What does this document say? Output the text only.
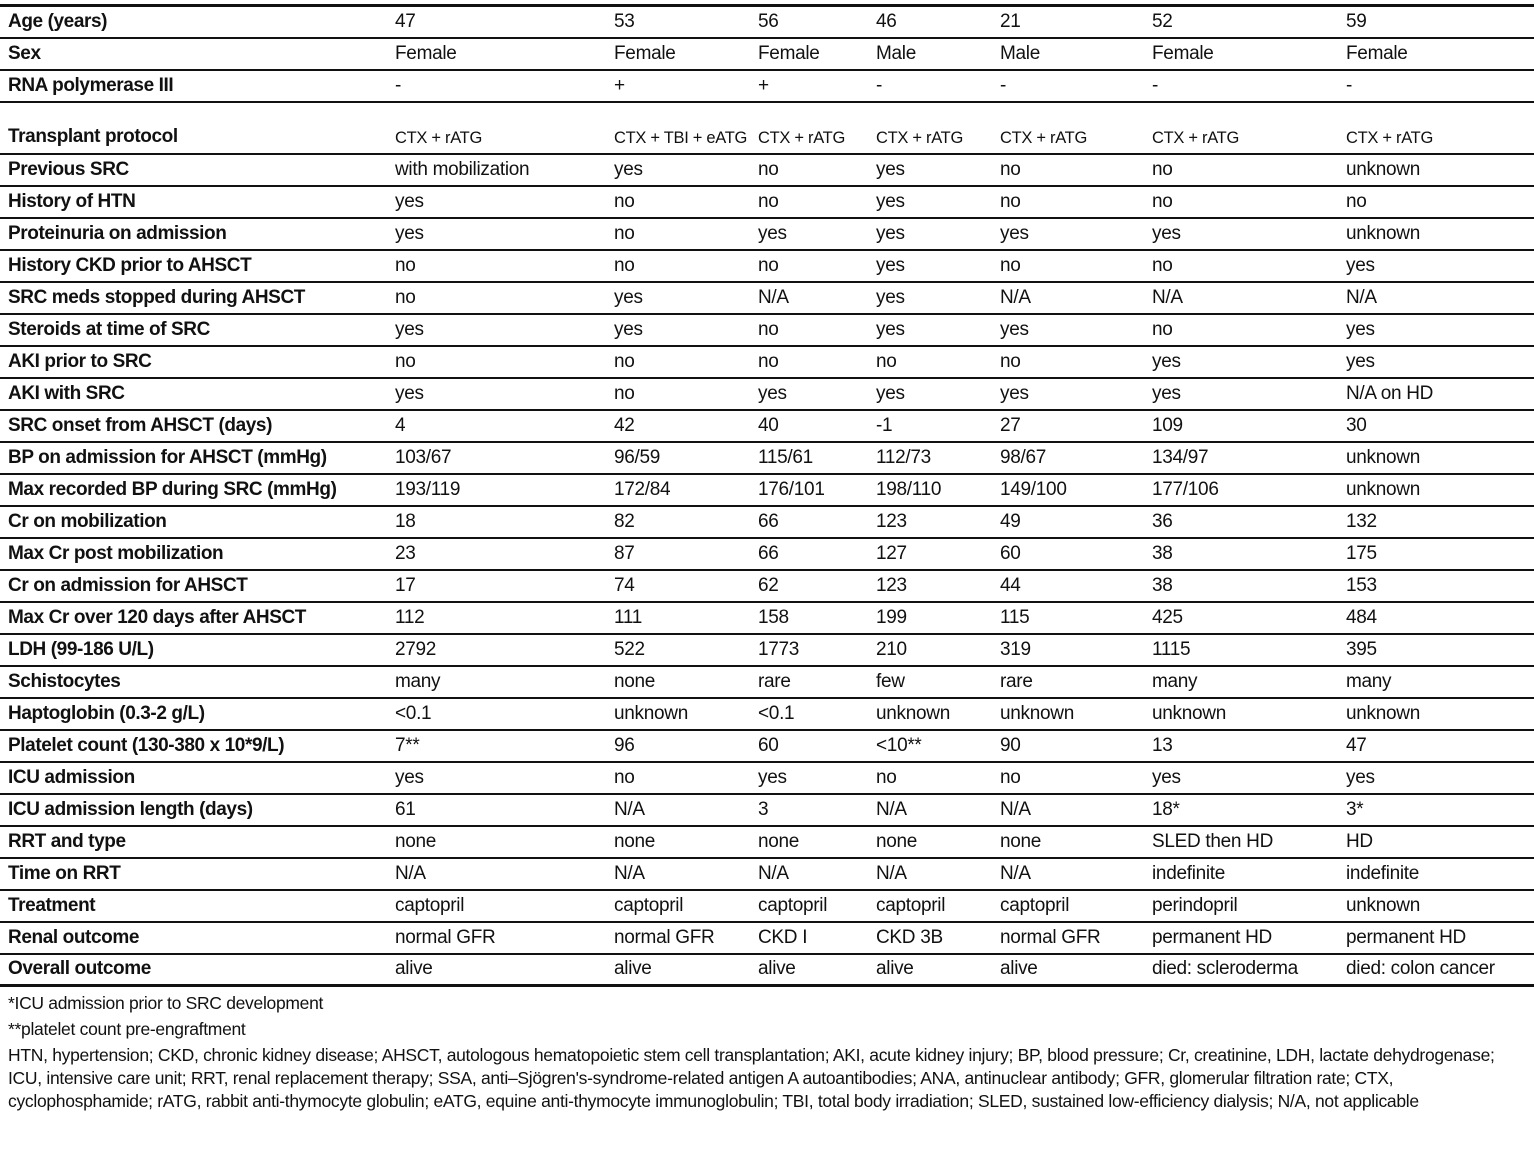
Age (years)	47	53	56	46	21	52	59
Sex	Female	Female	Female	Male	Male	Female	Female
RNA polymerase III	-	+	+	-	-	-	-
Transplant protocol	CTX + rATG	CTX + TBI + eATG	CTX + rATG	CTX + rATG	CTX + rATG	CTX + rATG	CTX + rATG
Previous SRC	with mobilization	yes	no	yes	no	no	unknown
History of HTN	yes	no	no	yes	no	no	no
Proteinuria on admission	yes	no	yes	yes	yes	yes	unknown
History CKD prior to AHSCT	no	no	no	yes	no	no	yes
SRC meds stopped during AHSCT	no	yes	N/A	yes	N/A	N/A	N/A
Steroids at time of SRC	yes	yes	no	yes	yes	no	yes
AKI prior to SRC	no	no	no	no	no	yes	yes
AKI with SRC	yes	no	yes	yes	yes	yes	N/A on HD
SRC onset from AHSCT (days)	4	42	40	-1	27	109	30
BP on admission for AHSCT (mmHg)	103/67	96/59	115/61	112/73	98/67	134/97	unknown
Max recorded BP during SRC (mmHg)	193/119	172/84	176/101	198/110	149/100	177/106	unknown
Cr on mobilization	18	82	66	123	49	36	132
Max Cr post mobilization	23	87	66	127	60	38	175
Cr on admission for AHSCT	17	74	62	123	44	38	153
Max Cr over 120 days after AHSCT	112	111	158	199	115	425	484
LDH (99-186 U/L)	2792	522	1773	210	319	1115	395
Schistocytes	many	none	rare	few	rare	many	many
Haptoglobin (0.3-2 g/L)	<0.1	unknown	<0.1	unknown	unknown	unknown	unknown
Platelet count (130-380 x 10*9/L)	7**	96	60	<10**	90	13	47
ICU admission	yes	no	yes	no	no	yes	yes
ICU admission length (days)	61	N/A	3	N/A	N/A	18*	3*
RRT and type	none	none	none	none	none	SLED then HD	HD
Time on RRT	N/A	N/A	N/A	N/A	N/A	indefinite	indefinite
Treatment	captopril	captopril	captopril	captopril	captopril	perindopril	unknown
Renal outcome	normal GFR	normal GFR	CKD I	CKD 3B	normal GFR	permanent HD	permanent HD
Overall outcome	alive	alive	alive	alive	alive	died: scleroderma	died: colon cancer

*ICU admission prior to SRC development

**platelet count pre-engraftment

HTN, hypertension; CKD, chronic kidney disease; AHSCT, autologous hematopoietic stem cell transplantation; AKI, acute kidney injury; BP, blood pressure; Cr, creatinine, LDH, lactate dehydrogenase; ICU, intensive care unit; RRT, renal replacement therapy; SSA, anti–Sjögren's-syndrome-related antigen A autoantibodies; ANA, antinuclear antibody; GFR, glomerular filtration rate; CTX, cyclophosphamide; rATG, rabbit anti-thymocyte globulin; eATG, equine anti-thymocyte immunoglobulin; TBI, total body irradiation; SLED, sustained low-efficiency dialysis; N/A, not applicable
